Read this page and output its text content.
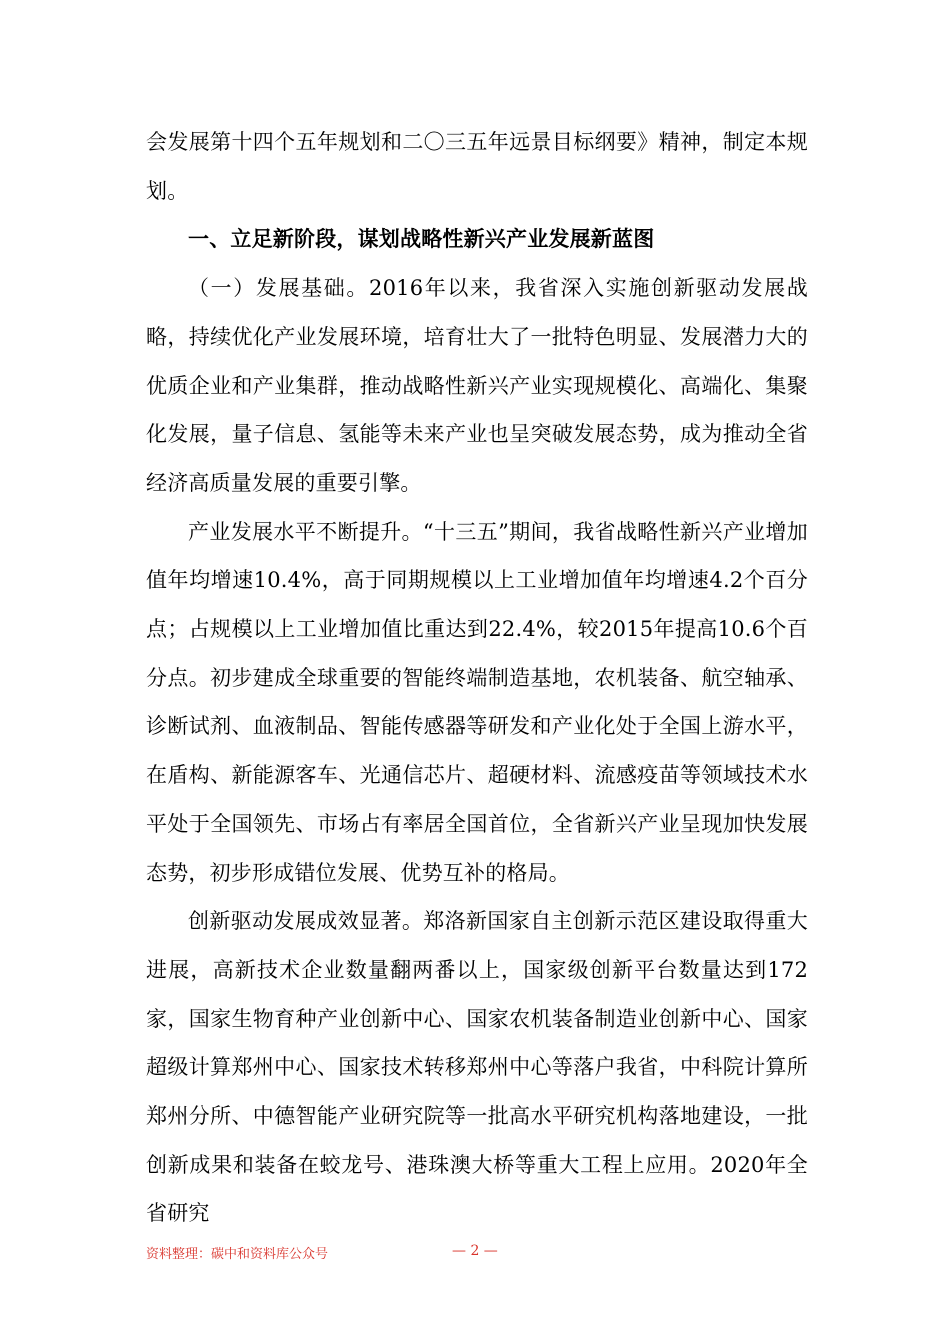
会发展第十四个五年规划和二〇三五年远景目标纲要》精神，制定本规划。

一、立足新阶段，谋划战略性新兴产业发展新蓝图

（一）发展基础。2016年以来，我省深入实施创新驱动发展战略，持续优化产业发展环境，培育壮大了一批特色明显、发展潜力大的优质企业和产业集群，推动战略性新兴产业实现规模化、高端化、集聚化发展，量子信息、氢能等未来产业也呈突破发展态势，成为推动全省经济高质量发展的重要引擎。

产业发展水平不断提升。“十三五”期间，我省战略性新兴产业增加值年均增速10.4%，高于同期规模以上工业增加值年均增速4.2个百分点；占规模以上工业增加值比重达到22.4%，较2015年提高10.6个百分点。初步建成全球重要的智能终端制造基地，农机装备、航空轴承、诊断试剂、血液制品、智能传感器等研发和产业化处于全国上游水平，在盾构、新能源客车、光通信芯片、超硬材料、流感疫苗等领域技术水平处于全国领先、市场占有率居全国首位，全省新兴产业呈现加快发展态势，初步形成错位发展、优势互补的格局。

创新驱动发展成效显著。郑洛新国家自主创新示范区建设取得重大进展，高新技术企业数量翻两番以上，国家级创新平台数量达到172家，国家生物育种产业创新中心、国家农机装备制造业创新中心、国家超级计算郑州中心、国家技术转移郑州中心等落户我省，中科院计算所郑州分所、中德智能产业研究院等一批高水平研究机构落地建设，一批创新成果和装备在蛟龙号、港珠澳大桥等重大工程上应用。2020年全省研究

资料整理：碳中和资料库公众号	— 2 —
